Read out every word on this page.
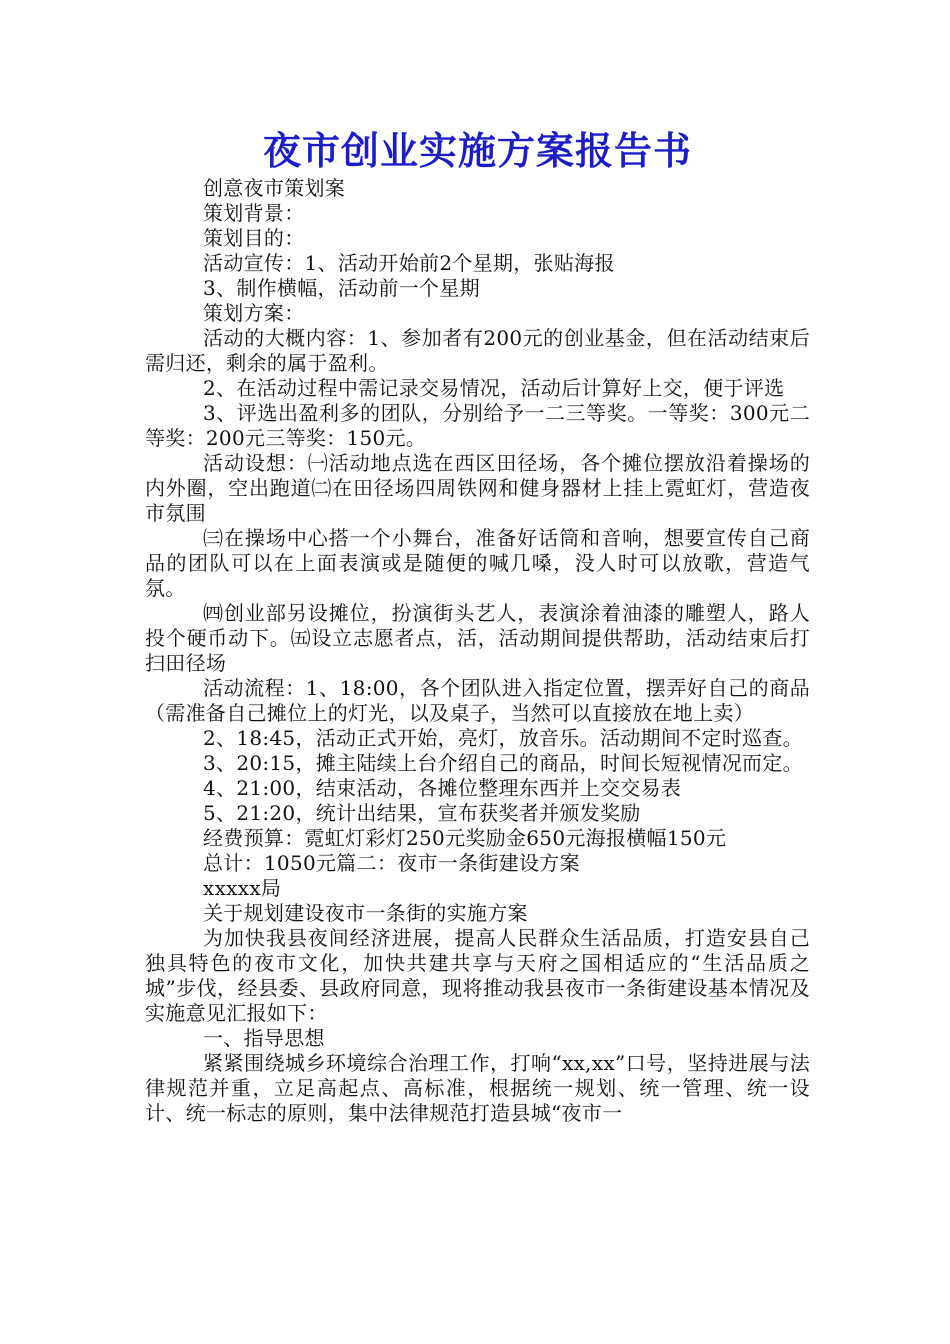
夜市创业实施方案报告书

创意夜市策划案

策划背景：

策划目的：

活动宣传：1、活动开始前2个星期，张贴海报

3、制作横幅，活动前一个星期

策划方案：

活动的大概内容：1、参加者有200元的创业基金，但在活动结束后需归还，剩余的属于盈利。

2、在活动过程中需记录交易情况，活动后计算好上交，便于评选

3、评选出盈利多的团队，分别给予一二三等奖。一等奖：300元二等奖：200元三等奖：150元。

活动设想：㈠活动地点选在西区田径场，各个摊位摆放沿着操场的内外圈，空出跑道㈡在田径场四周铁网和健身器材上挂上霓虹灯，营造夜市氛围

㈢在操场中心搭一个小舞台，准备好话筒和音响，想要宣传自己商品的团队可以在上面表演或是随便的喊几嗓，没人时可以放歌，营造气氛。

㈣创业部另设摊位，扮演街头艺人，表演涂着油漆的雕塑人，路人投个硬币动下。㈤设立志愿者点，活，活动期间提供帮助，活动结束后打扫田径场

活动流程：1、18:00，各个团队进入指定位置，摆弄好自己的商品（需准备自己摊位上的灯光，以及桌子，当然可以直接放在地上卖）

2、18:45，活动正式开始，亮灯，放音乐。活动期间不定时巡查。

3、20:15，摊主陆续上台介绍自己的商品，时间长短视情况而定。

4、21:00，结束活动，各摊位整理东西并上交交易表

5、21:20，统计出结果，宣布获奖者并颁发奖励

经费预算：霓虹灯彩灯250元奖励金650元海报横幅150元

总计：1050元篇二：夜市一条街建设方案

xxxxx局

关于规划建设夜市一条街的实施方案

为加快我县夜间经济进展，提高人民群众生活品质，打造安县自己独具特色的夜市文化，加快共建共享与天府之国相适应的“生活品质之城”步伐，经县委、县政府同意，现将推动我县夜市一条街建设基本情况及实施意见汇报如下：

一、指导思想

紧紧围绕城乡环境综合治理工作，打响“xx,xx”口号，坚持进展与法律规范并重，立足高起点、高标准，根据统一规划、统一管理、统一设计、统一标志的原则，集中法律规范打造县城“夜市一
